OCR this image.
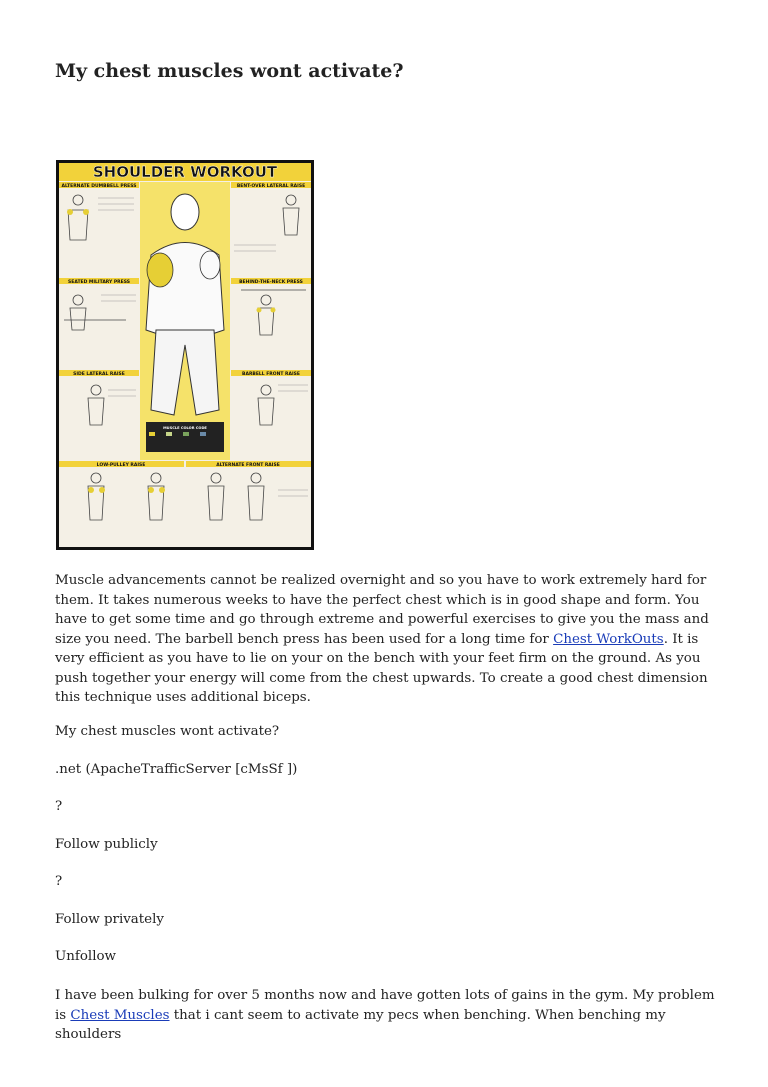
My chest muscles wont activate?
SHOULDER WORKOUT
ALTERNATE DUMBBELL PRESS	BENT-OVER LATERAL RAISE
SEATED MILITARY PRESS	BEHIND-THE-NECK PRESS
SIDE LATERAL RAISE	BARBELL FRONT RAISE
LOW-PULLEY RAISE	ALTERNATE FRONT RAISE
MUSCLE COLOR CODE

Muscle advancements cannot be realized overnight and so you have to work extremely hard for them. It takes numerous weeks to have the perfect chest which is in good shape and form. You have to get some time and go through extreme and powerful exercises to give you the mass and size you need. The barbell bench press has been used for a long time for Chest WorkOuts. It is very efficient as you have to lie on your on the bench with your feet firm on the ground. As you push together your energy will come from the chest upwards. To create a good chest dimension this technique uses additional biceps.

My chest muscles wont activate?

.net (ApacheTrafficServer [cMsSf ])

?

Follow publicly

?

Follow privately

Unfollow

I have been bulking for over 5 months now and have gotten lots of gains in the gym. My problem is Chest Muscles that i cant seem to activate my pecs when benching. When benching my shoulders
